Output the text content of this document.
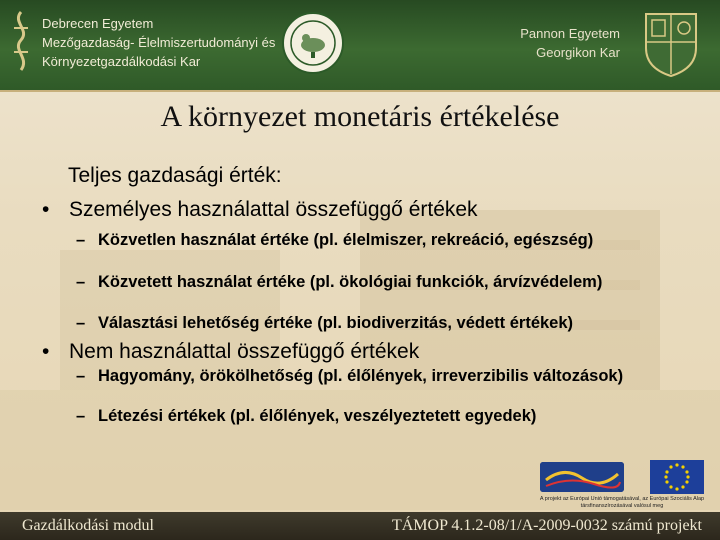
Debrecen Egyetem
Mezőgazdaság- Élelmiszertudományi és
Környezetgazdálkodási Kar
Pannon Egyetem
Georgikon Kar
A környezet monetáris értékelése
Teljes gazdasági érték:
• Személyes használattal összefüggő értékek
– Közvetlen használat értéke (pl. élelmiszer, rekreáció, egészség)
– Közvetett használat értéke (pl. ökológiai funkciók, árvízvédelem)
– Választási lehetőség értéke (pl. biodiverzitás, védett értékek)
• Nem használattal összefüggő értékek
– Hagyomány, örökölhetőség (pl. élőlények, irreverzibilis változások)
– Létezési értékek (pl. élőlények, veszélyeztetett egyedek)
A projekt az Európai Unió támogatásával, az Európai Szociális Alap társfinanszírozásával valósul meg
Gazdálkodási modul	TÁMOP 4.1.2-08/1/A-2009-0032 számú projekt
